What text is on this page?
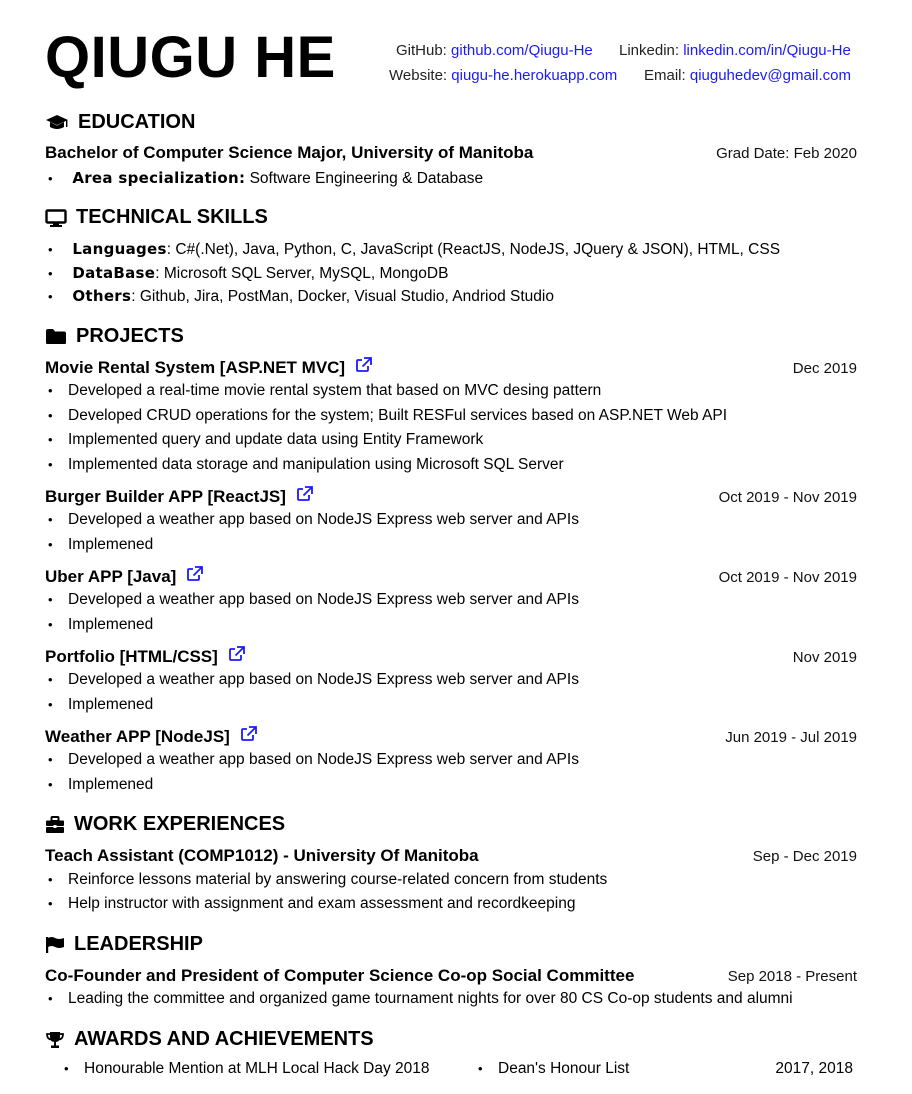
QIUGU HE	GitHub: github.com/Qiugu-He Linkedin: linkedin.com/in/Qiugu-He
Website: qiugu-he.herokuapp.com Email: qiuguhedev@gmail.com
EDUCATION
Bachelor of Computer Science Major, University of Manitoba	Grad Date: Feb 2020
• Area specialization: Software Engineering & Database
TECHNICAL SKILLS
• Languages: C#(.Net), Java, Python, C, JavaScript (ReactJS, NodeJS, JQuery & JSON), HTML, CSS
• DataBase: Microsoft SQL Server, MySQL, MongoDB
• Others: Github, Jira, PostMan, Docker, Visual Studio, Andriod Studio
PROJECTS
Movie Rental System [ASP.NET MVC]	Dec 2019
• Developed a real-time movie rental system that based on MVC desing pattern
• Developed CRUD operations for the system; Built RESFul services based on ASP.NET Web API
• Implemented query and update data using Entity Framework
• Implemented data storage and manipulation using Microsoft SQL Server
Burger Builder APP [ReactJS]	Oct 2019 - Nov 2019
• Developed a weather app based on NodeJS Express web server and APIs
• Implemened
Uber APP [Java]	Oct 2019 - Nov 2019
• Developed a weather app based on NodeJS Express web server and APIs
• Implemened
Portfolio [HTML/CSS]	Nov 2019
• Developed a weather app based on NodeJS Express web server and APIs
• Implemened
Weather APP [NodeJS]	Jun 2019 - Jul 2019
• Developed a weather app based on NodeJS Express web server and APIs
• Implemened
WORK EXPERIENCES
Teach Assistant (COMP1012) - University Of Manitoba	Sep - Dec 2019
• Reinforce lessons material by answering course-related concern from students
• Help instructor with assignment and exam assessment and recordkeeping
LEADERSHIP
Co-Founder and President of Computer Science Co-op Social Committee	Sep 2018 - Present
• Leading the committee and organized game tournament nights for over 80 CS Co-op students and alumni
AWARDS AND ACHIEVEMENTS
• Honourable Mention at MLH Local Hack Day 2018
•	Dean's Honour List	2017, 2018
